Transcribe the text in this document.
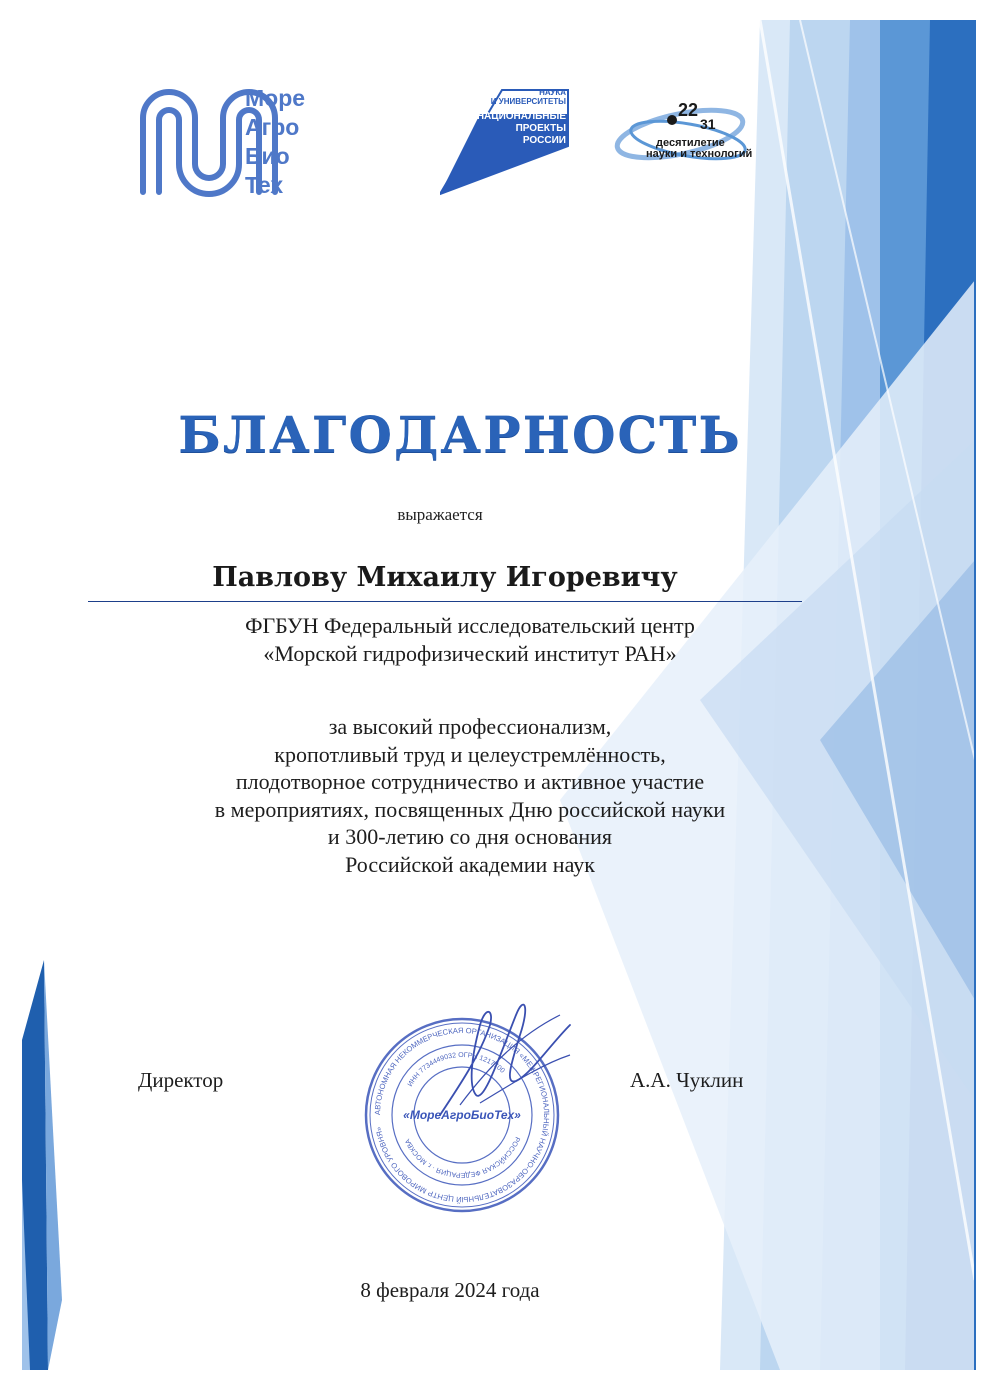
Море
Агро
Био
Тех
НАУКА
И УНИВЕРСИТЕТЫ
НАЦИОНАЛЬНЫЕ
ПРОЕКТЫ
РОССИИ
22
31
десятилетие
науки и технологий
БЛАГОДАРНОСТЬ
выражается
Павлову Михаилу Игоревичу
ФГБУН Федеральный исследовательский центр
«Морской гидрофизический институт РАН»
за высокий профессионализм,
кропотливый труд и целеустремлённость,
плодотворное сотрудничество и активное участие
в мероприятиях, посвященных Дню российской науки
и 300-летию со дня основания
Российской академии наук
Директор	А.А. Чуклин
АВТОНОМНАЯ НЕКОММЕРЧЕСКАЯ ОРГАНИЗАЦИЯ «МЕЖРЕГИОНАЛЬНЫЙ НАУЧНО-ОБРАЗОВАТЕЛЬНЫЙ ЦЕНТР МИРОВОГО УРОВНЯ»
ИНН 7734449032 ОГРН 1217700
РОССИЙСКАЯ ФЕДЕРАЦИЯ · г. МОСКВА
«МореАгроБиоТех»
8 февраля 2024 года
